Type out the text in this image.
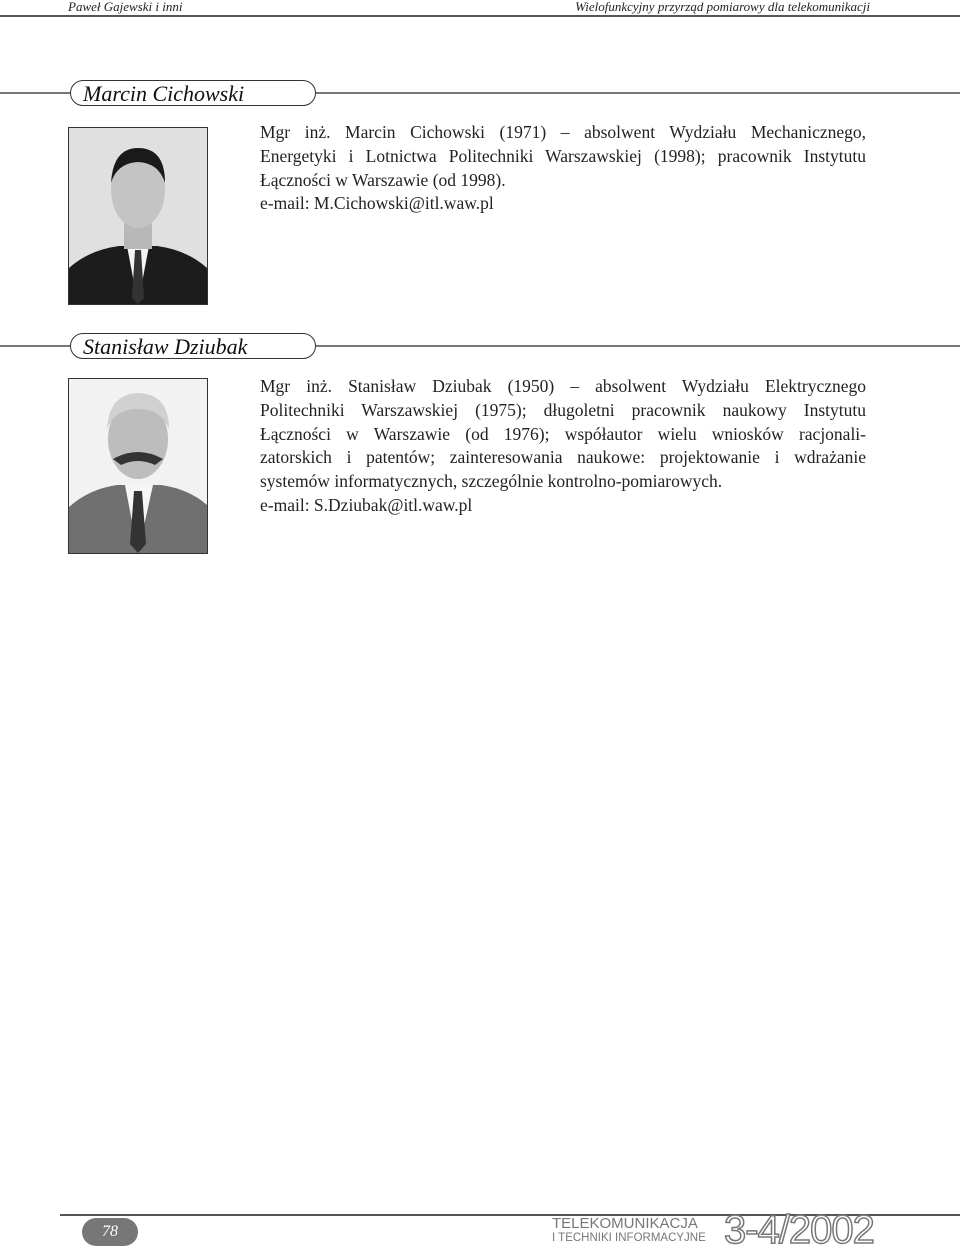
Paweł Gajewski i inni	Wielofunkcyjny przyrząd pomiarowy dla telekomunikacji
Marcin Cichowski
Mgr inż. Marcin Cichowski (1971) – absolwent Wydziału Mechanicznego,
Energetyki i Lotnictwa Politechniki Warszawskiej (1998); pracownik Instytutu
Łączności w Warszawie (od 1998).
e-mail: M.Cichowski@itl.waw.pl
Stanisław Dziubak
Mgr inż. Stanisław Dziubak (1950) – absolwent Wydziału Elektrycznego
Politechniki Warszawskiej (1975); długoletni pracownik naukowy Instytutu
Łączności w Warszawie (od 1976); współautor wielu wniosków racjonali-
zatorskich i patentów; zainteresowania naukowe: projektowanie i wdrażanie
systemów informatycznych, szczególnie kontrolno-pomiarowych.
e-mail: S.Dziubak@itl.waw.pl
78	TELEKOMUNIKACJA
I TECHNIKI INFORMACYJNE 3-4/2002
